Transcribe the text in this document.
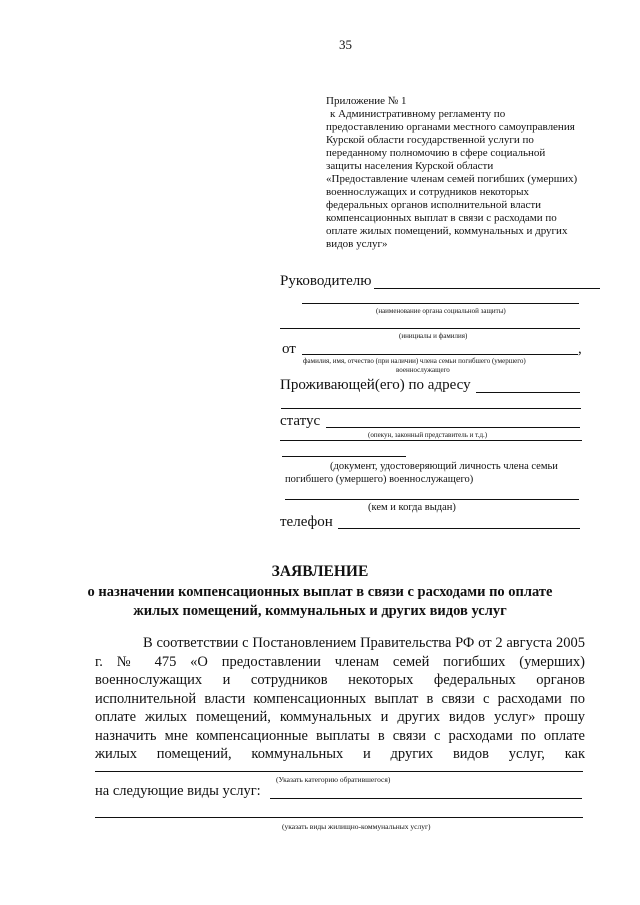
35
Приложение № 1
к Административному регламенту по
предоставлению органами местного самоуправления
Курской области государственной услуги по
переданному полномочию в сфере социальной
защиты населения Курской области
«Предоставление членам семей погибших (умерших)
военнослужащих и сотрудников некоторых
федеральных органов исполнительной власти
компенсационных выплат в связи с расходами по
оплате жилых помещений, коммунальных и других
видов услуг»
Руководителю
(наименование органа социальной защиты)
(инициалы и фамилия)
от	,
фамилия, имя, отчество (при наличии) члена семьи погибшего (умершего)
военнослужащего
Проживающей(его) по адресу
статус
(опекун, законный представитель и т.д.)
(документ, удостоверяющий личность члена семьи
погибшего (умершего) военнослужащего)
(кем и когда выдан)
телефон
ЗАЯВЛЕНИЕ
о назначении компенсационных выплат в связи с расходами по оплате
жилых помещений, коммунальных и других видов услуг
В соответствии с Постановлением Правительства РФ от 2 августа 2005
г. № 475 «О предоставлении членам семей погибших (умерших)
военнослужащих и сотрудников некоторых федеральных органов
исполнительной власти компенсационных выплат в связи с расходами по
оплате жилых помещений, коммунальных и других видов услуг» прошу
назначить мне компенсационные выплаты в связи с расходами по оплате
жилых помещений, коммунальных и других видов услуг, как
(Указать категорию обратившегося)
на следующие виды услуг:
(указать виды жилищно-коммунальных услуг)
